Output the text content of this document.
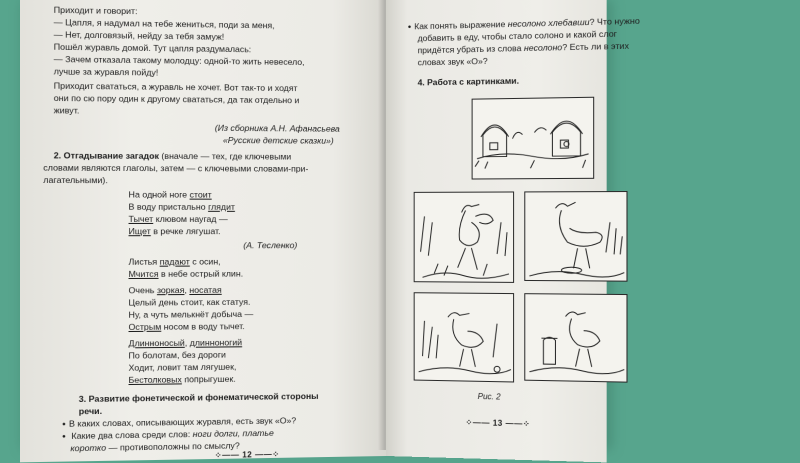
Приходит и говорит:
— Цапля, я надумал на тебе жениться, поди за меня,
— Нет, долговязый, нейду за тебя замуж!
Пошёл журавль домой. Тут цапля раздумалась:
— Зачем отказала такому молодцу: одной-то жить невесело,
лучше за журавля пойду!
Приходит свататься, а журавль не хочет. Вот так-то и ходят
они по сю пору один к другому свататься, да так отдельно и
живут.
(Из сборника А.Н. Афанасьева
«Русские детские сказки»)
2. Отгадывание загадок (вначале — тех, где ключевыми
словами являются глаголы, затем — с ключевыми словами-при-
лагательными).
На одной ноге стоит
В воду пристально глядит
Тычет клювом наугад —
Ищет в речке лягушат.
(А. Тесленко)
Листья падают с осин,
Мчится в небе острый клин.
Очень зоркая, носатая
Целый день стоит, как статуя.
Ну, а чуть мелькнёт добыча —
Острым носом в воду тычет.
Длинноносый, длинноногий
По болотам, без дороги
Ходит, ловит там лягушек,
Бестолковых попрыгушек.
3. Развитие фонетической и фонематической стороны
речи.
● В каких словах, описывающих журавля, есть звук «О»?
● Какие два слова среди слов: ноги долги, платье
коротко — противоположны по смыслу?
⁘—— 12 ——⁘
● Как понять выражение несолоно хлебавши? Что нужно
добавить в еду, чтобы стало солоно и какой слог
придётся убрать из слова несолоно? Есть ли в этих
словах звук «О»?
4. Работа с картинками.
Рис. 2
⁘—— 13 ——⁘
